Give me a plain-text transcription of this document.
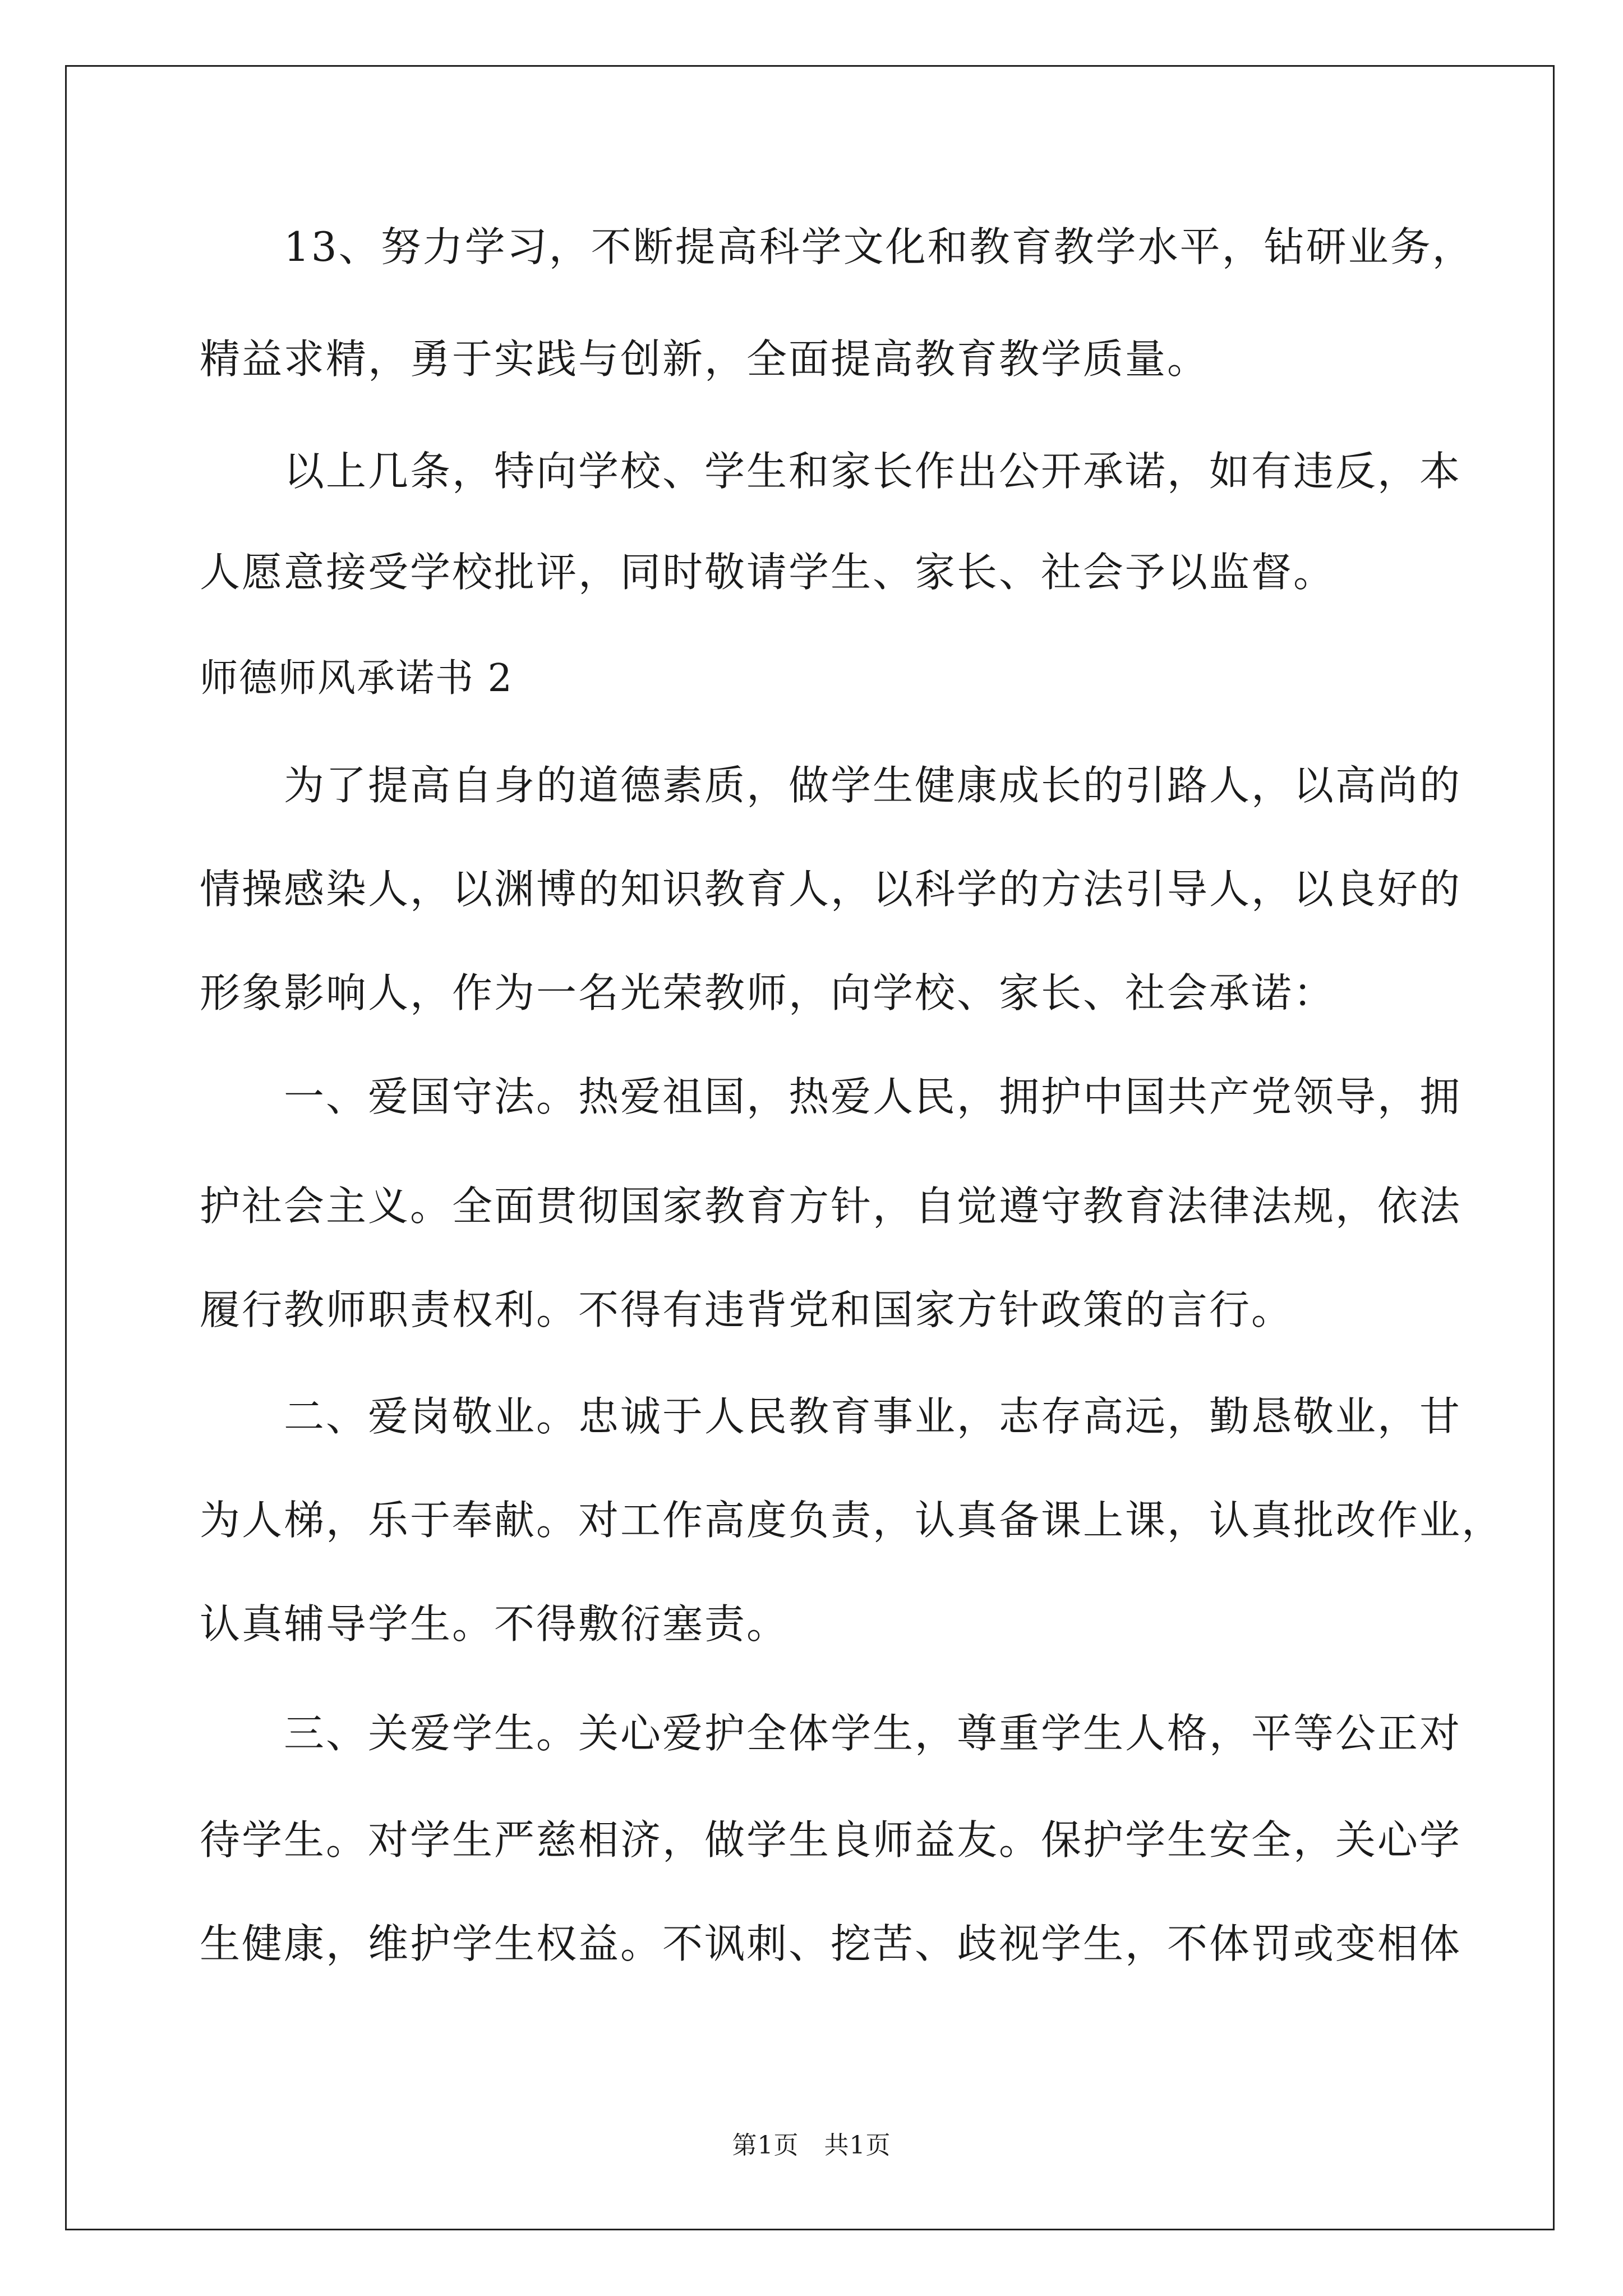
　　13、努力学习，不断提高科学文化和教育教学水平，钻研业务，
精益求精，勇于实践与创新，全面提高教育教学质量。
　　以上几条，特向学校、学生和家长作出公开承诺，如有违反，本
人愿意接受学校批评，同时敬请学生、家长、社会予以监督。
师德师风承诺书 2
　　为了提高自身的道德素质，做学生健康成长的引路人，以高尚的
情操感染人，以渊博的知识教育人，以科学的方法引导人，以良好的
形象影响人，作为一名光荣教师，向学校、家长、社会承诺：
　　一、爱国守法。热爱祖国，热爱人民，拥护中国共产党领导，拥
护社会主义。全面贯彻国家教育方针，自觉遵守教育法律法规，依法
履行教师职责权利。不得有违背党和国家方针政策的言行。
　　二、爱岗敬业。忠诚于人民教育事业，志存高远，勤恳敬业，甘
为人梯，乐于奉献。对工作高度负责，认真备课上课，认真批改作业，
认真辅导学生。不得敷衍塞责。
　　三、关爱学生。关心爱护全体学生，尊重学生人格，平等公正对
待学生。对学生严慈相济，做学生良师益友。保护学生安全，关心学
生健康，维护学生权益。不讽刺、挖苦、歧视学生，不体罚或变相体
第1页　共1页
